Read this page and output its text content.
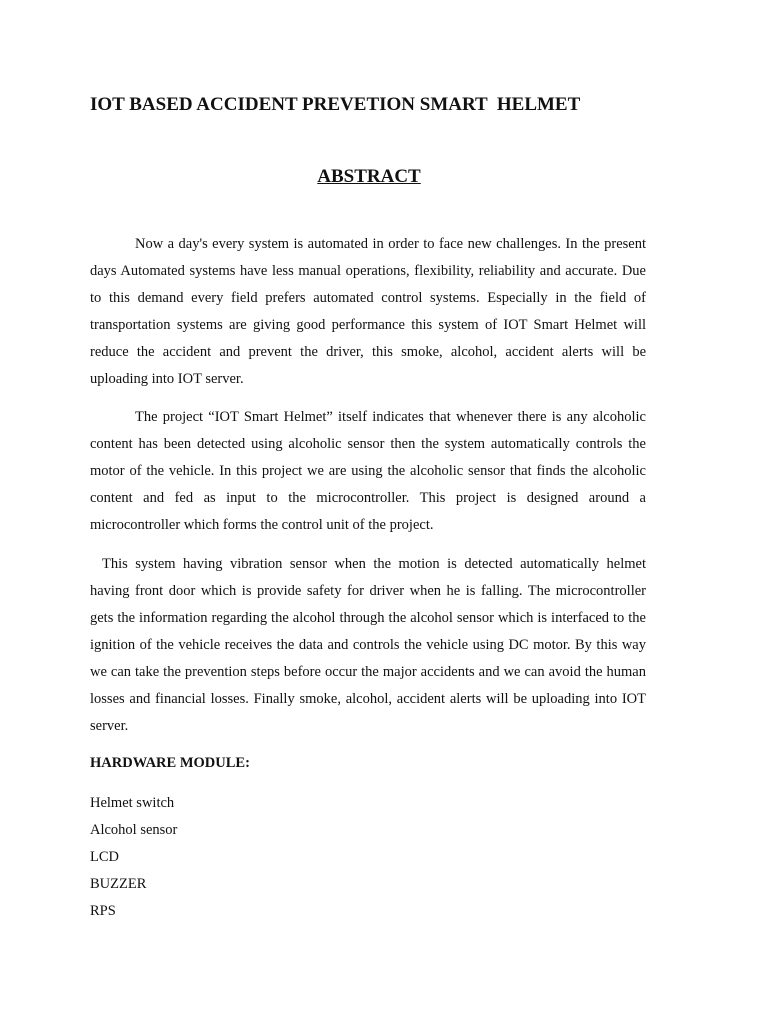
IOT BASED ACCIDENT PREVETION SMART  HELMET
ABSTRACT

Now a day's every system is automated in order to face new challenges. In the present days Automated systems have less manual operations, flexibility, reliability and accurate. Due to this demand every field prefers automated control systems. Especially in the field of transportation systems are giving good performance this system of IOT Smart Helmet will reduce the accident and prevent the driver, this smoke, alcohol, accident alerts will be uploading into IOT server.

The project “IOT Smart Helmet” itself indicates that whenever there is any alcoholic content has been detected using alcoholic sensor then the system automatically controls the motor of the vehicle. In this project we are using the alcoholic sensor that finds the alcoholic content and fed as input to the microcontroller. This project is designed around a microcontroller which forms the control unit of the project.

This system having vibration sensor when the motion is detected automatically helmet having front door which is provide safety for driver when he is falling. The microcontroller gets the information regarding the alcohol through the alcohol sensor which is interfaced to the ignition of the vehicle receives the data and controls the vehicle using DC motor. By this way we can take the prevention steps before occur the major accidents and we can avoid the human losses and financial losses. Finally smoke, alcohol, accident alerts will be uploading into IOT server.

HARDWARE MODULE:
Helmet switch
Alcohol sensor
LCD
BUZZER
RPS
